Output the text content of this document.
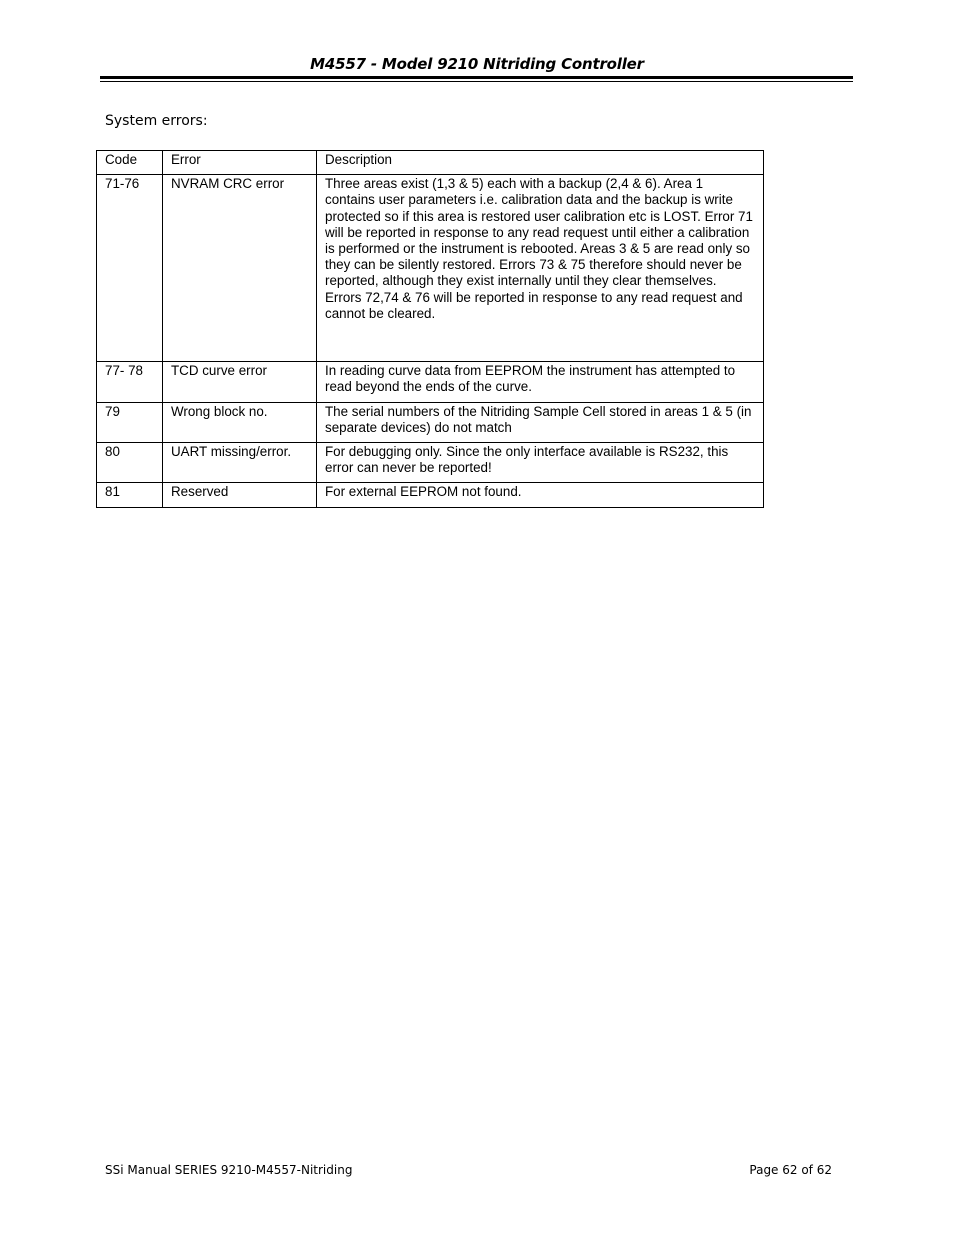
M4557 - Model 9210 Nitriding Controller
System errors:
Code	Error	Description
71-76	NVRAM CRC error	Three areas exist (1,3 & 5) each with a backup (2,4 & 6). Area 1 contains user parameters i.e. calibration data and the backup is write protected so if this area is restored user calibration etc is LOST. Error 71 will be reported in response to any read request until either a calibration is performed or the instrument is rebooted. Areas 3 & 5 are read only so they can be silently restored. Errors 73 & 75 therefore should never be reported, although they exist internally until they clear themselves. Errors 72,74 & 76 will be reported in response to any read request and cannot be cleared.
77- 78	TCD curve error	In reading curve data from EEPROM the instrument has attempted to read beyond the ends of the curve.
79	Wrong block no.	The serial numbers of the Nitriding Sample Cell stored in areas 1 & 5 (in separate devices) do not match
80	UART missing/error.	For debugging only. Since the only interface available is RS232, this error can never be reported!
81	Reserved	For external EEPROM not found.
SSi Manual SERIES 9210-M4557-Nitriding	Page 62 of 62
